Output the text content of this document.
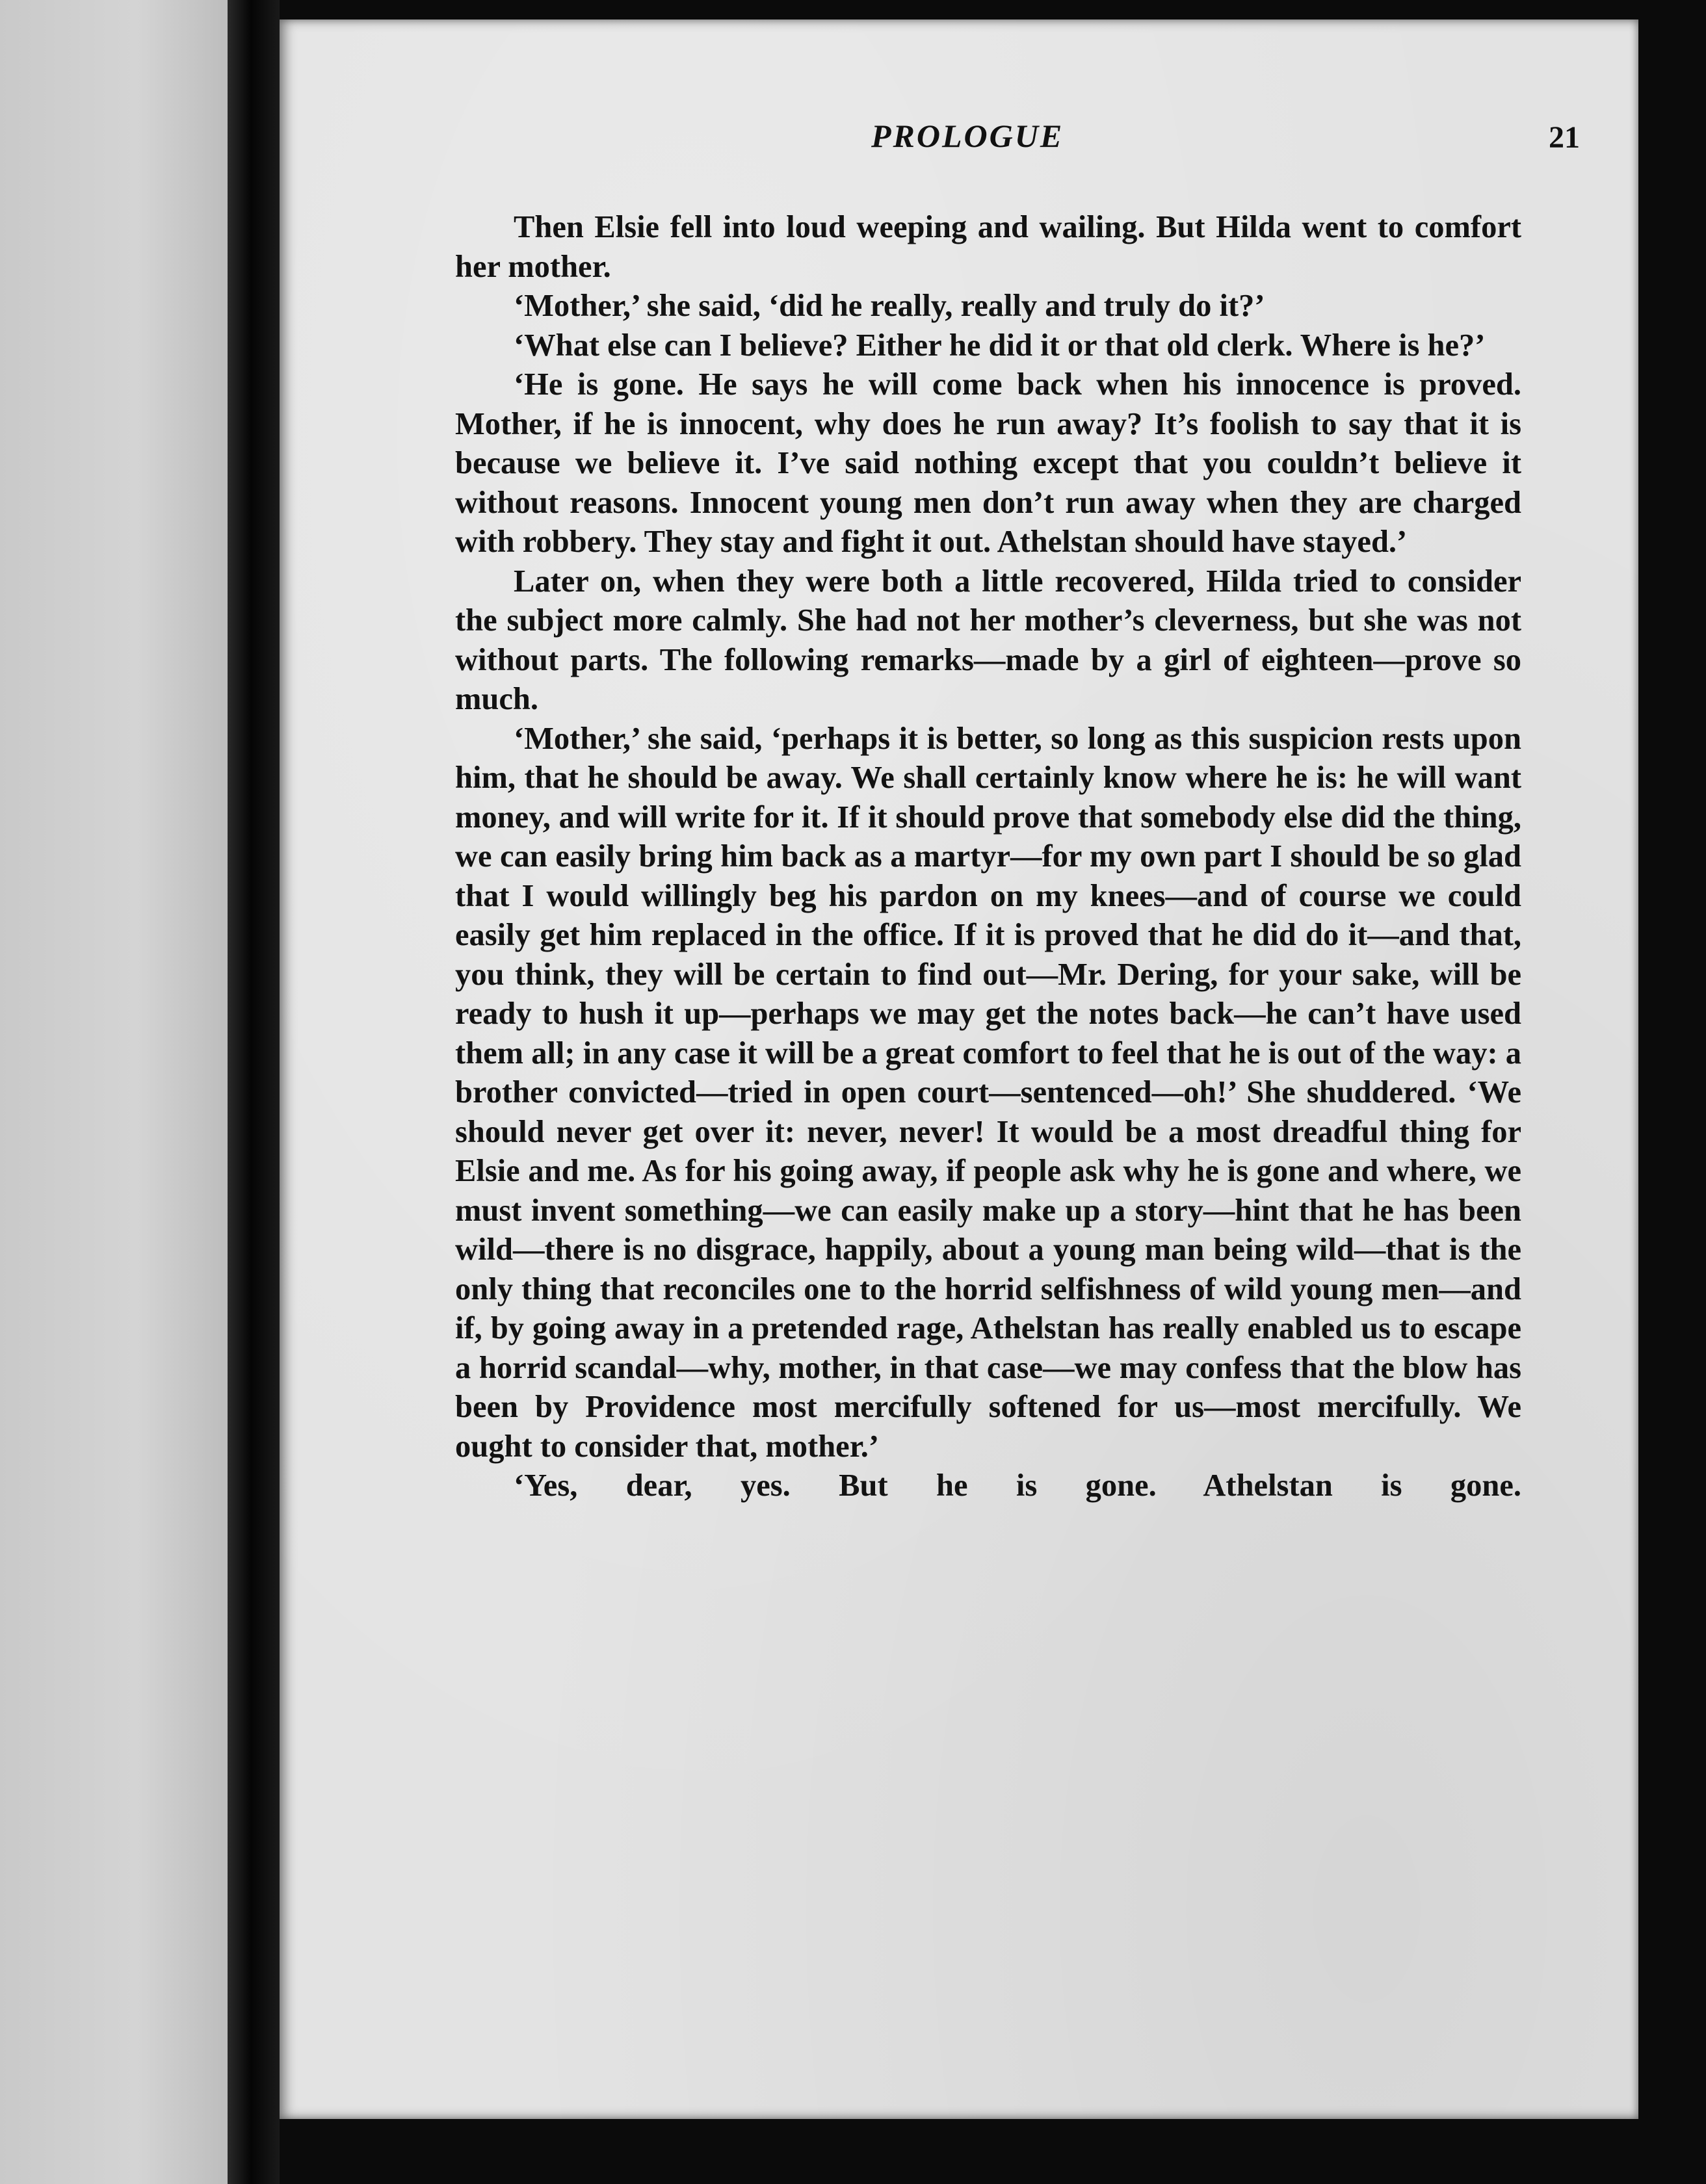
PROLOGUE	21

Then Elsie fell into loud weeping and wailing. But Hilda went to comfort her mother.

‘Mother,’ she said, ‘did he really, really and truly do it?’

‘What else can I believe? Either he did it or that old clerk. Where is he?’

‘He is gone. He says he will come back when his innocence is proved. Mother, if he is innocent, why does he run away? It’s foolish to say that it is because we believe it. I’ve said nothing except that you couldn’t believe it without reasons. Innocent young men don’t run away when they are charged with robbery. They stay and fight it out. Athelstan should have stayed.’

Later on, when they were both a little recovered, Hilda tried to consider the subject more calmly. She had not her mother’s cleverness, but she was not without parts. The following remarks—made by a girl of eighteen—prove so much.

‘Mother,’ she said, ‘perhaps it is better, so long as this suspicion rests upon him, that he should be away. We shall certainly know where he is: he will want money, and will write for it. If it should prove that somebody else did the thing, we can easily bring him back as a martyr—for my own part I should be so glad that I would willingly beg his pardon on my knees—and of course we could easily get him replaced in the office. If it is proved that he did do it—and that, you think, they will be certain to find out—Mr. Dering, for your sake, will be ready to hush it up—perhaps we may get the notes back—he can’t have used them all; in any case it will be a great comfort to feel that he is out of the way: a brother convicted—tried in open court—sentenced—oh!’ She shuddered. ‘We should never get over it: never, never! It would be a most dreadful thing for Elsie and me. As for his going away, if people ask why he is gone and where, we must invent something—we can easily make up a story—hint that he has been wild—there is no disgrace, happily, about a young man being wild—that is the only thing that reconciles one to the horrid selfishness of wild young men—and if, by going away in a pretended rage, Athelstan has really enabled us to escape a horrid scandal—why, mother, in that case—we may confess that the blow has been by Providence most mercifully softened for us—most mercifully. We ought to consider that, mother.’

‘Yes, dear, yes. But he is gone. Athelstan is gone.
